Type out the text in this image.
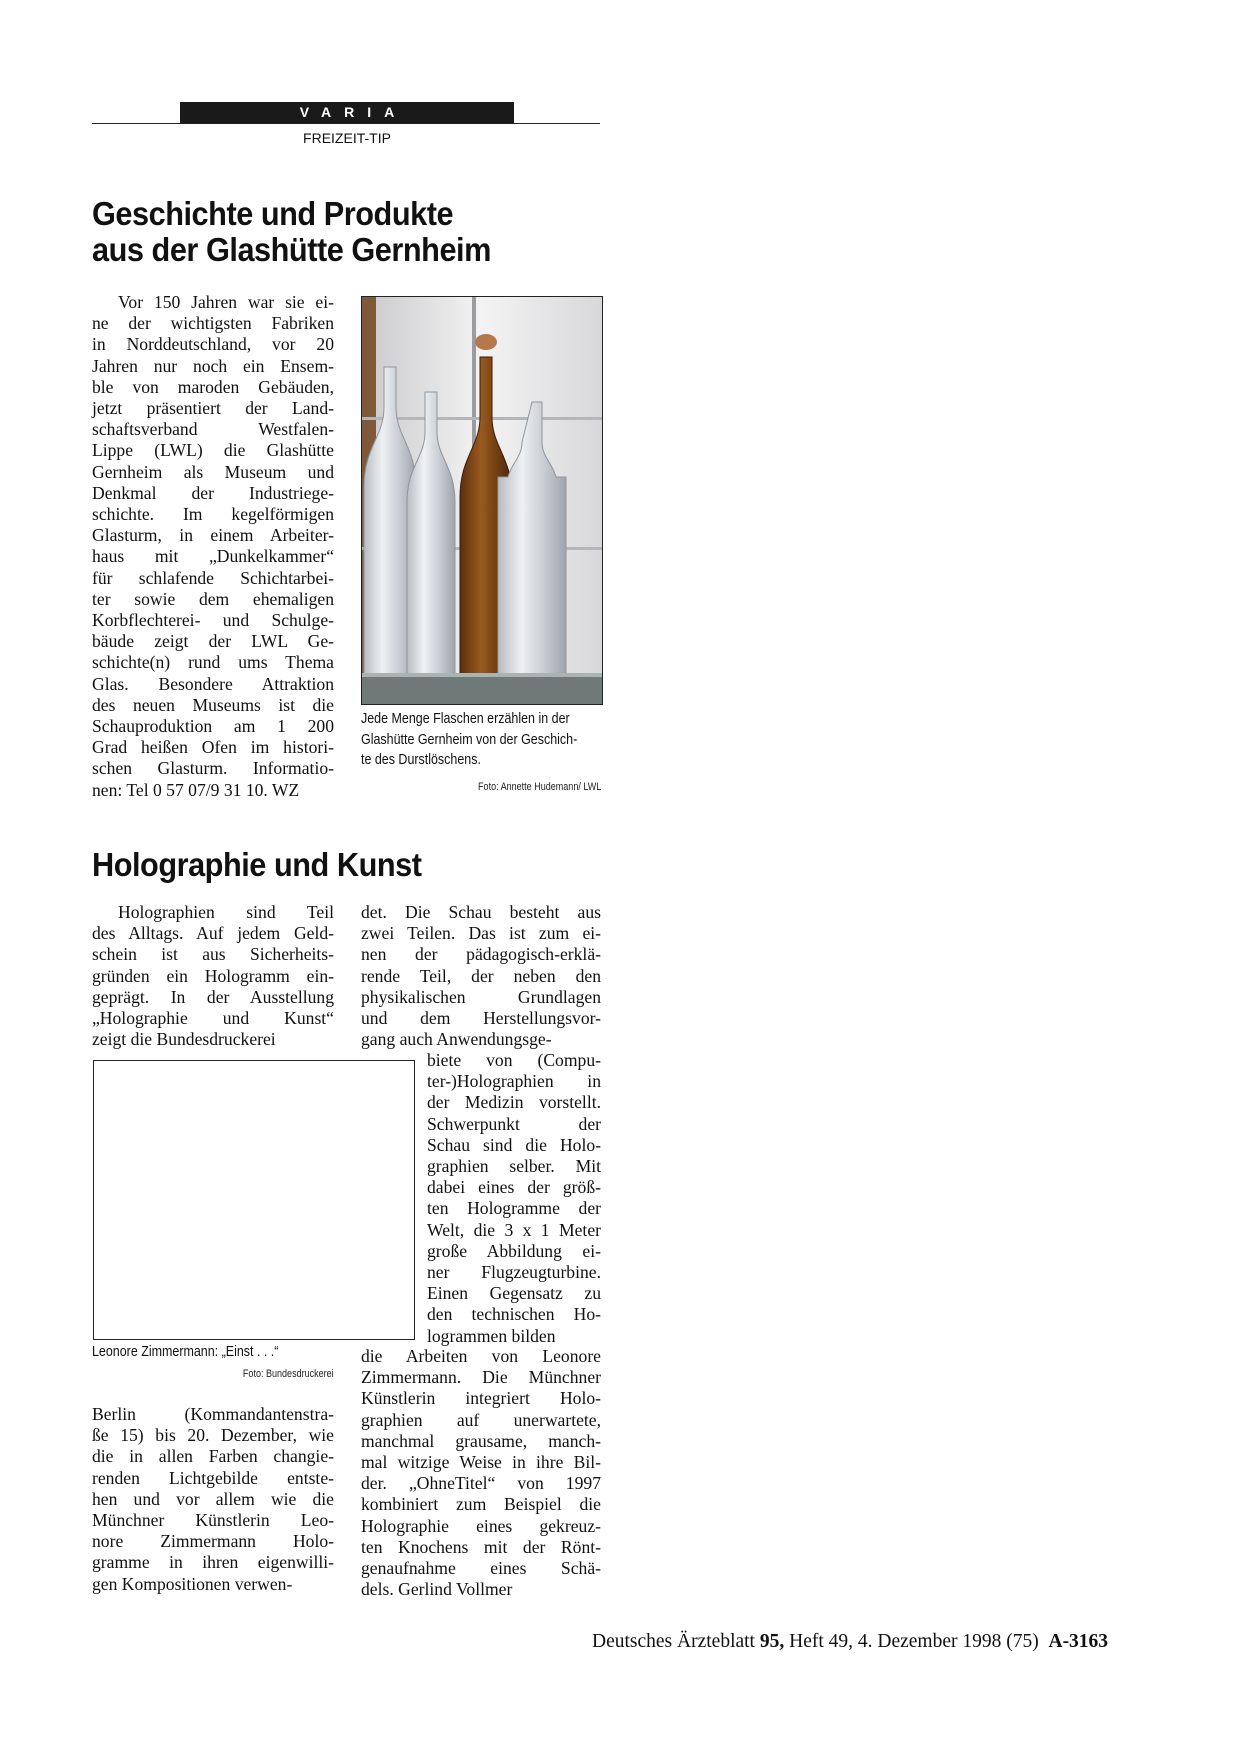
VARIA
FREIZEIT-TIP
Geschichte und Produkte
aus der Glashütte Gernheim
Vor 150 Jahren war sie ei-
ne der wichtigsten Fabriken
in Norddeutschland, vor 20
Jahren nur noch ein Ensem-
ble von maroden Gebäuden,
jetzt präsentiert der Land-
schaftsverband Westfalen-
Lippe (LWL) die Glashütte
Gernheim als Museum und
Denkmal der Industriege-
schichte. Im kegelförmigen
Glasturm, in einem Arbeiter-
haus mit „Dunkelkammer“
für schlafende Schichtarbei-
ter sowie dem ehemaligen
Korbflechterei- und Schulge-
bäude zeigt der LWL Ge-
schichte(n) rund ums Thema
Glas. Besondere Attraktion
des neuen Museums ist die
Schauproduktion am 1 200
Grad heißen Ofen im histori-
schen Glasturm. Informatio-
nen: Tel 0 57 07/9 31 10. WZ
Jede Menge Flaschen erzählen in der
Glashütte Gernheim von der Geschich-
te des Durstlöschens.
Foto: Annette Hudemann/ LWL
Holographie und Kunst
Holographien sind Teil
des Alltags. Auf jedem Geld-
schein ist aus Sicherheits-
gründen ein Hologramm ein-
geprägt. In der Ausstellung
„Holographie und Kunst“
zeigt die Bundesdruckerei
Leonore Zimmermann: „Einst . . .“
Foto: Bundesdruckerei
Berlin (Kommandantenstra-
ße 15) bis 20. Dezember, wie
die in allen Farben changie-
renden Lichtgebilde entste-
hen und vor allem wie die
Münchner Künstlerin Leo-
nore Zimmermann Holo-
gramme in ihren eigenwilli-
gen Kompositionen verwen-
det. Die Schau besteht aus
zwei Teilen. Das ist zum ei-
nen der pädagogisch-erklä-
rende Teil, der neben den
physikalischen Grundlagen
und dem Herstellungsvor-
gang auch Anwendungsge-
biete von (Compu-
ter-)Holographien in
der Medizin vorstellt.
Schwerpunkt der
Schau sind die Holo-
graphien selber. Mit
dabei eines der größ-
ten Hologramme der
Welt, die 3 x 1 Meter
große Abbildung ei-
ner Flugzeugturbine.
Einen Gegensatz zu
den technischen Ho-
logrammen bilden
die Arbeiten von Leonore
Zimmermann. Die Münchner
Künstlerin integriert Holo-
graphien auf unerwartete,
manchmal grausame, manch-
mal witzige Weise in ihre Bil-
der. „OhneTitel“ von 1997
kombiniert zum Beispiel die
Holographie eines gekreuz-
ten Knochens mit der Rönt-
genaufnahme eines Schä-
dels. Gerlind Vollmer
Deutsches Ärzteblatt 95, Heft 49, 4. Dezember 1998 (75) A-3163
